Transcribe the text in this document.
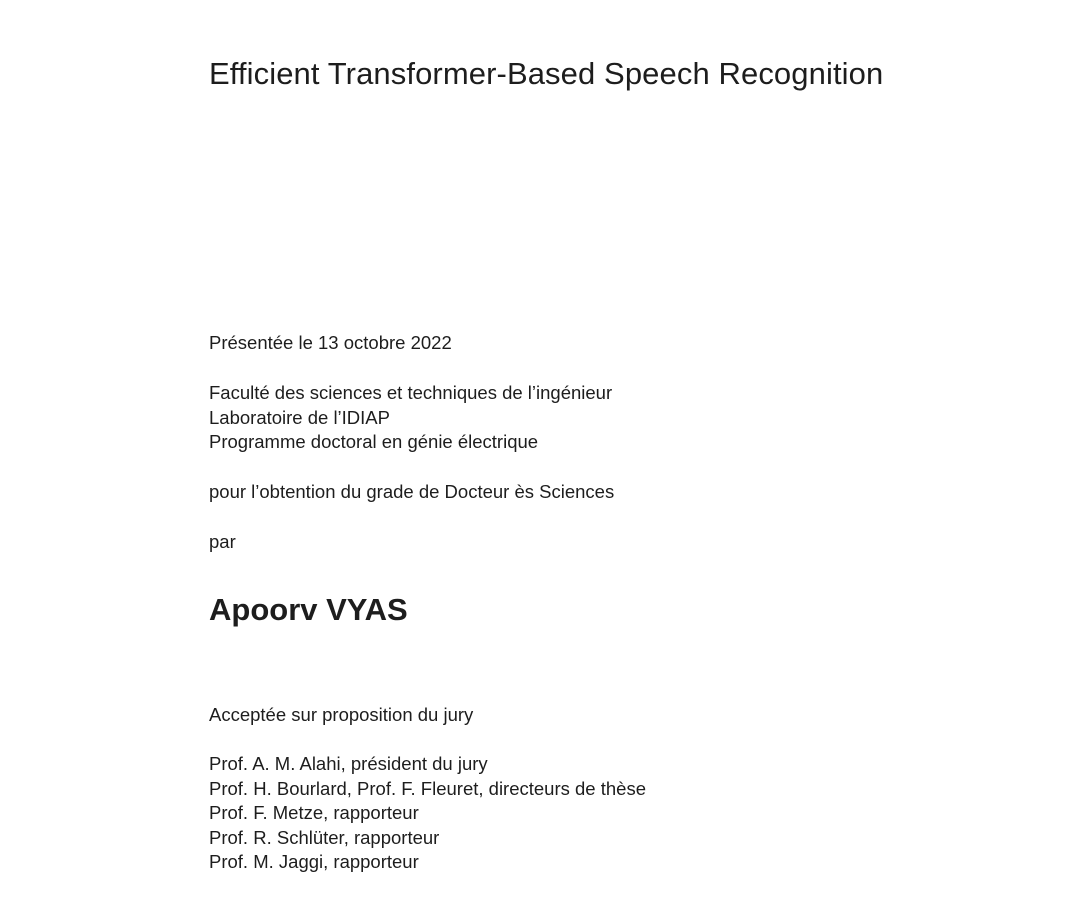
Efficient Transformer-Based Speech Recognition
Présentée le 13 octobre 2022
Faculté des sciences et techniques de l’ingénieur
Laboratoire de l’IDIAP
Programme doctoral en génie électrique
pour l’obtention du grade de Docteur ès Sciences
par
Apoorv VYAS
Acceptée sur proposition du jury
Prof. A. M. Alahi, président du jury
Prof. H. Bourlard, Prof. F. Fleuret, directeurs de thèse
Prof. F. Metze, rapporteur
Prof. R. Schlüter, rapporteur
Prof. M. Jaggi, rapporteur
